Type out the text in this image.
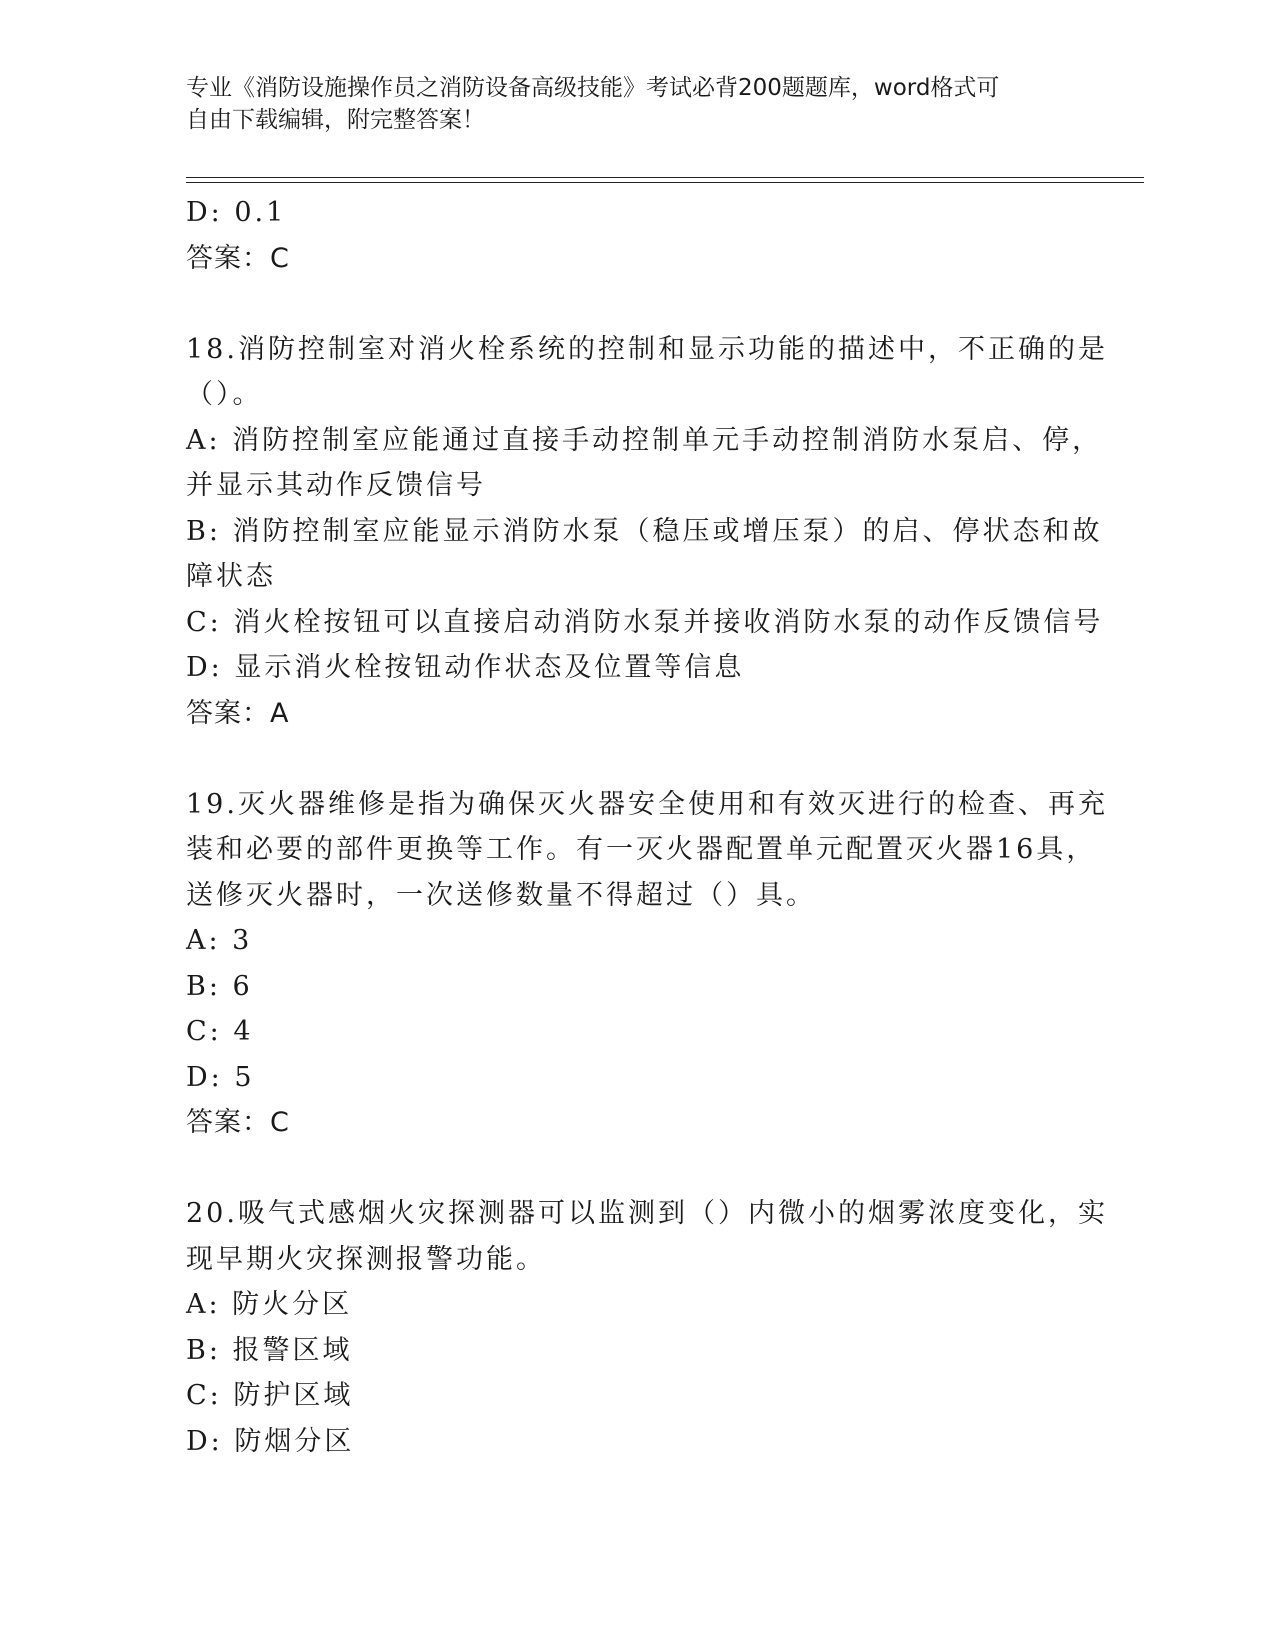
专业《消防设施操作员之消防设备高级技能》考试必背200题题库，word格式可
自由下载编辑，附完整答案！
D: 0.1
答案：C
18.消防控制室对消火栓系统的控制和显示功能的描述中，不正确的是
（）。
A: 消防控制室应能通过直接手动控制单元手动控制消防水泵启、停，
并显示其动作反馈信号
B: 消防控制室应能显示消防水泵（稳压或增压泵）的启、停状态和故
障状态
C: 消火栓按钮可以直接启动消防水泵并接收消防水泵的动作反馈信号
D: 显示消火栓按钮动作状态及位置等信息
答案：A
19.灭火器维修是指为确保灭火器安全使用和有效灭进行的检查、再充
装和必要的部件更换等工作。有一灭火器配置单元配置灭火器16具，
送修灭火器时，一次送修数量不得超过（）具。
A: 3
B: 6
C: 4
D: 5
答案：C
20.吸气式感烟火灾探测器可以监测到（）内微小的烟雾浓度变化，实
现早期火灾探测报警功能。
A: 防火分区
B: 报警区域
C: 防护区域
D: 防烟分区
